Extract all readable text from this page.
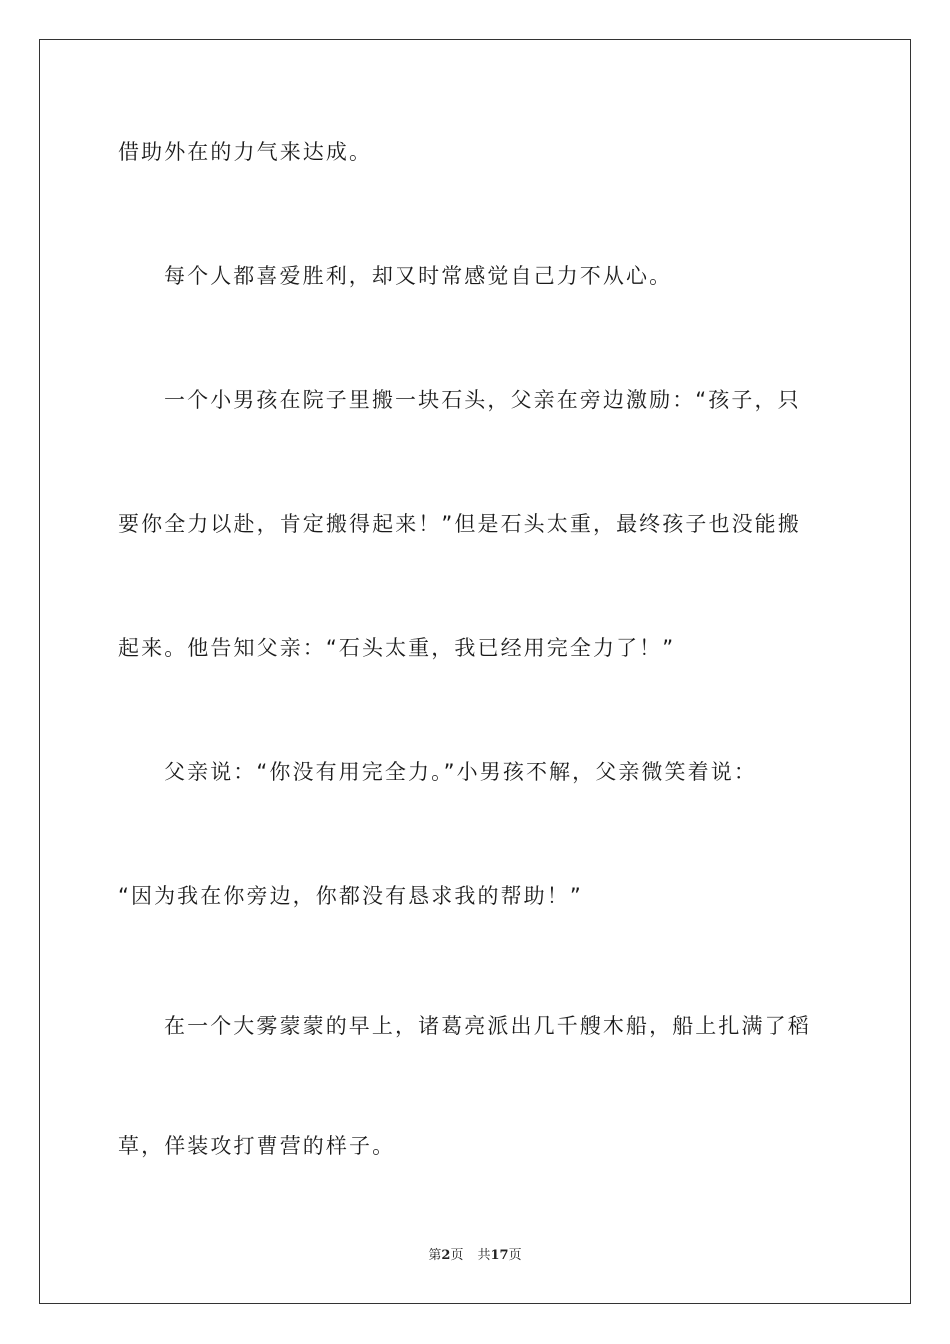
借助外在的力气来达成。
每个人都喜爱胜利，却又时常感觉自己力不从心。
一个小男孩在院子里搬一块石头，父亲在旁边激励：“孩子，只
要你全力以赴，肯定搬得起来！”但是石头太重，最终孩子也没能搬
起来。他告知父亲：“石头太重，我已经用完全力了！”
父亲说：“你没有用完全力。”小男孩不解，父亲微笑着说：
“因为我在你旁边，你都没有恳求我的帮助！”
在一个大雾蒙蒙的早上，诸葛亮派出几千艘木船，船上扎满了稻
草，佯装攻打曹营的样子。
第2页 共17页
